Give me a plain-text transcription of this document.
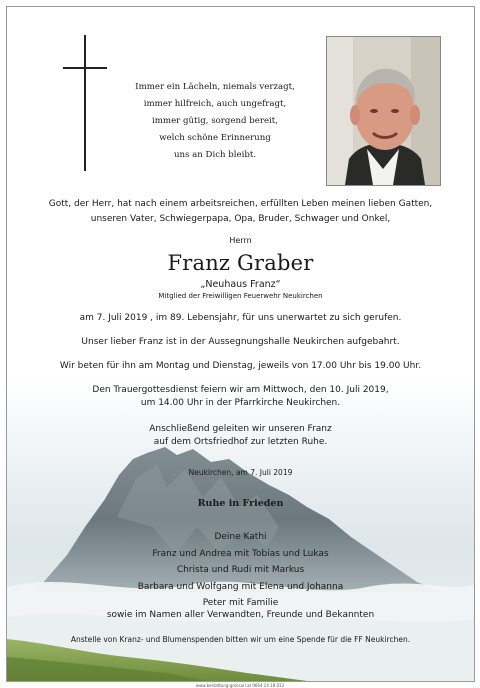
Immer ein Lächeln, niemals verzagt,
immer hilfreich, auch ungefragt,
immer gütig, sorgend bereit,
welch schöne Erinnerung
uns an Dich bleibt.
Gott, der Herr, hat nach einem arbeitsreichen, erfüllten Leben meinen lieben Gatten,
unseren Vater, Schwiegerpapa, Opa, Bruder, Schwager und Onkel,
Herrn
Franz Graber
„Neuhaus Franz“
Mitglied der Freiwilligen Feuerwehr Neukirchen
am 7. Juli 2019 , im 89. Lebensjahr, für uns unerwartet zu sich gerufen.
Unser lieber Franz ist in der Aussegnungshalle Neukirchen aufgebahrt.
Wir beten für ihn am Montag und Dienstag, jeweils von 17.00 Uhr bis 19.00 Uhr.
Den Trauergottesdienst feiern wir am Mittwoch, den 10. Juli 2019,
um 14.00 Uhr in der Pfarrkirche Neukirchen.
Anschließend geleiten wir unseren Franz
auf dem Ortsfriedhof zur letzten Ruhe.
Neukirchen, am 7. Juli 2019
Ruhe in Frieden
Deine Kathi
Franz und Andrea mit Tobias und Lukas
Christa und Rudi mit Markus
Barbara und Wolfgang mit Elena und Johanna
Peter mit Familie
sowie im Namen aller Verwandten, Freunde und Bekannten
Anstelle von Kranz- und Blumenspenden bitten wir um eine Spende für die FF Neukirchen.
www.bestattung-grossarl.at 0664 24 18 013
